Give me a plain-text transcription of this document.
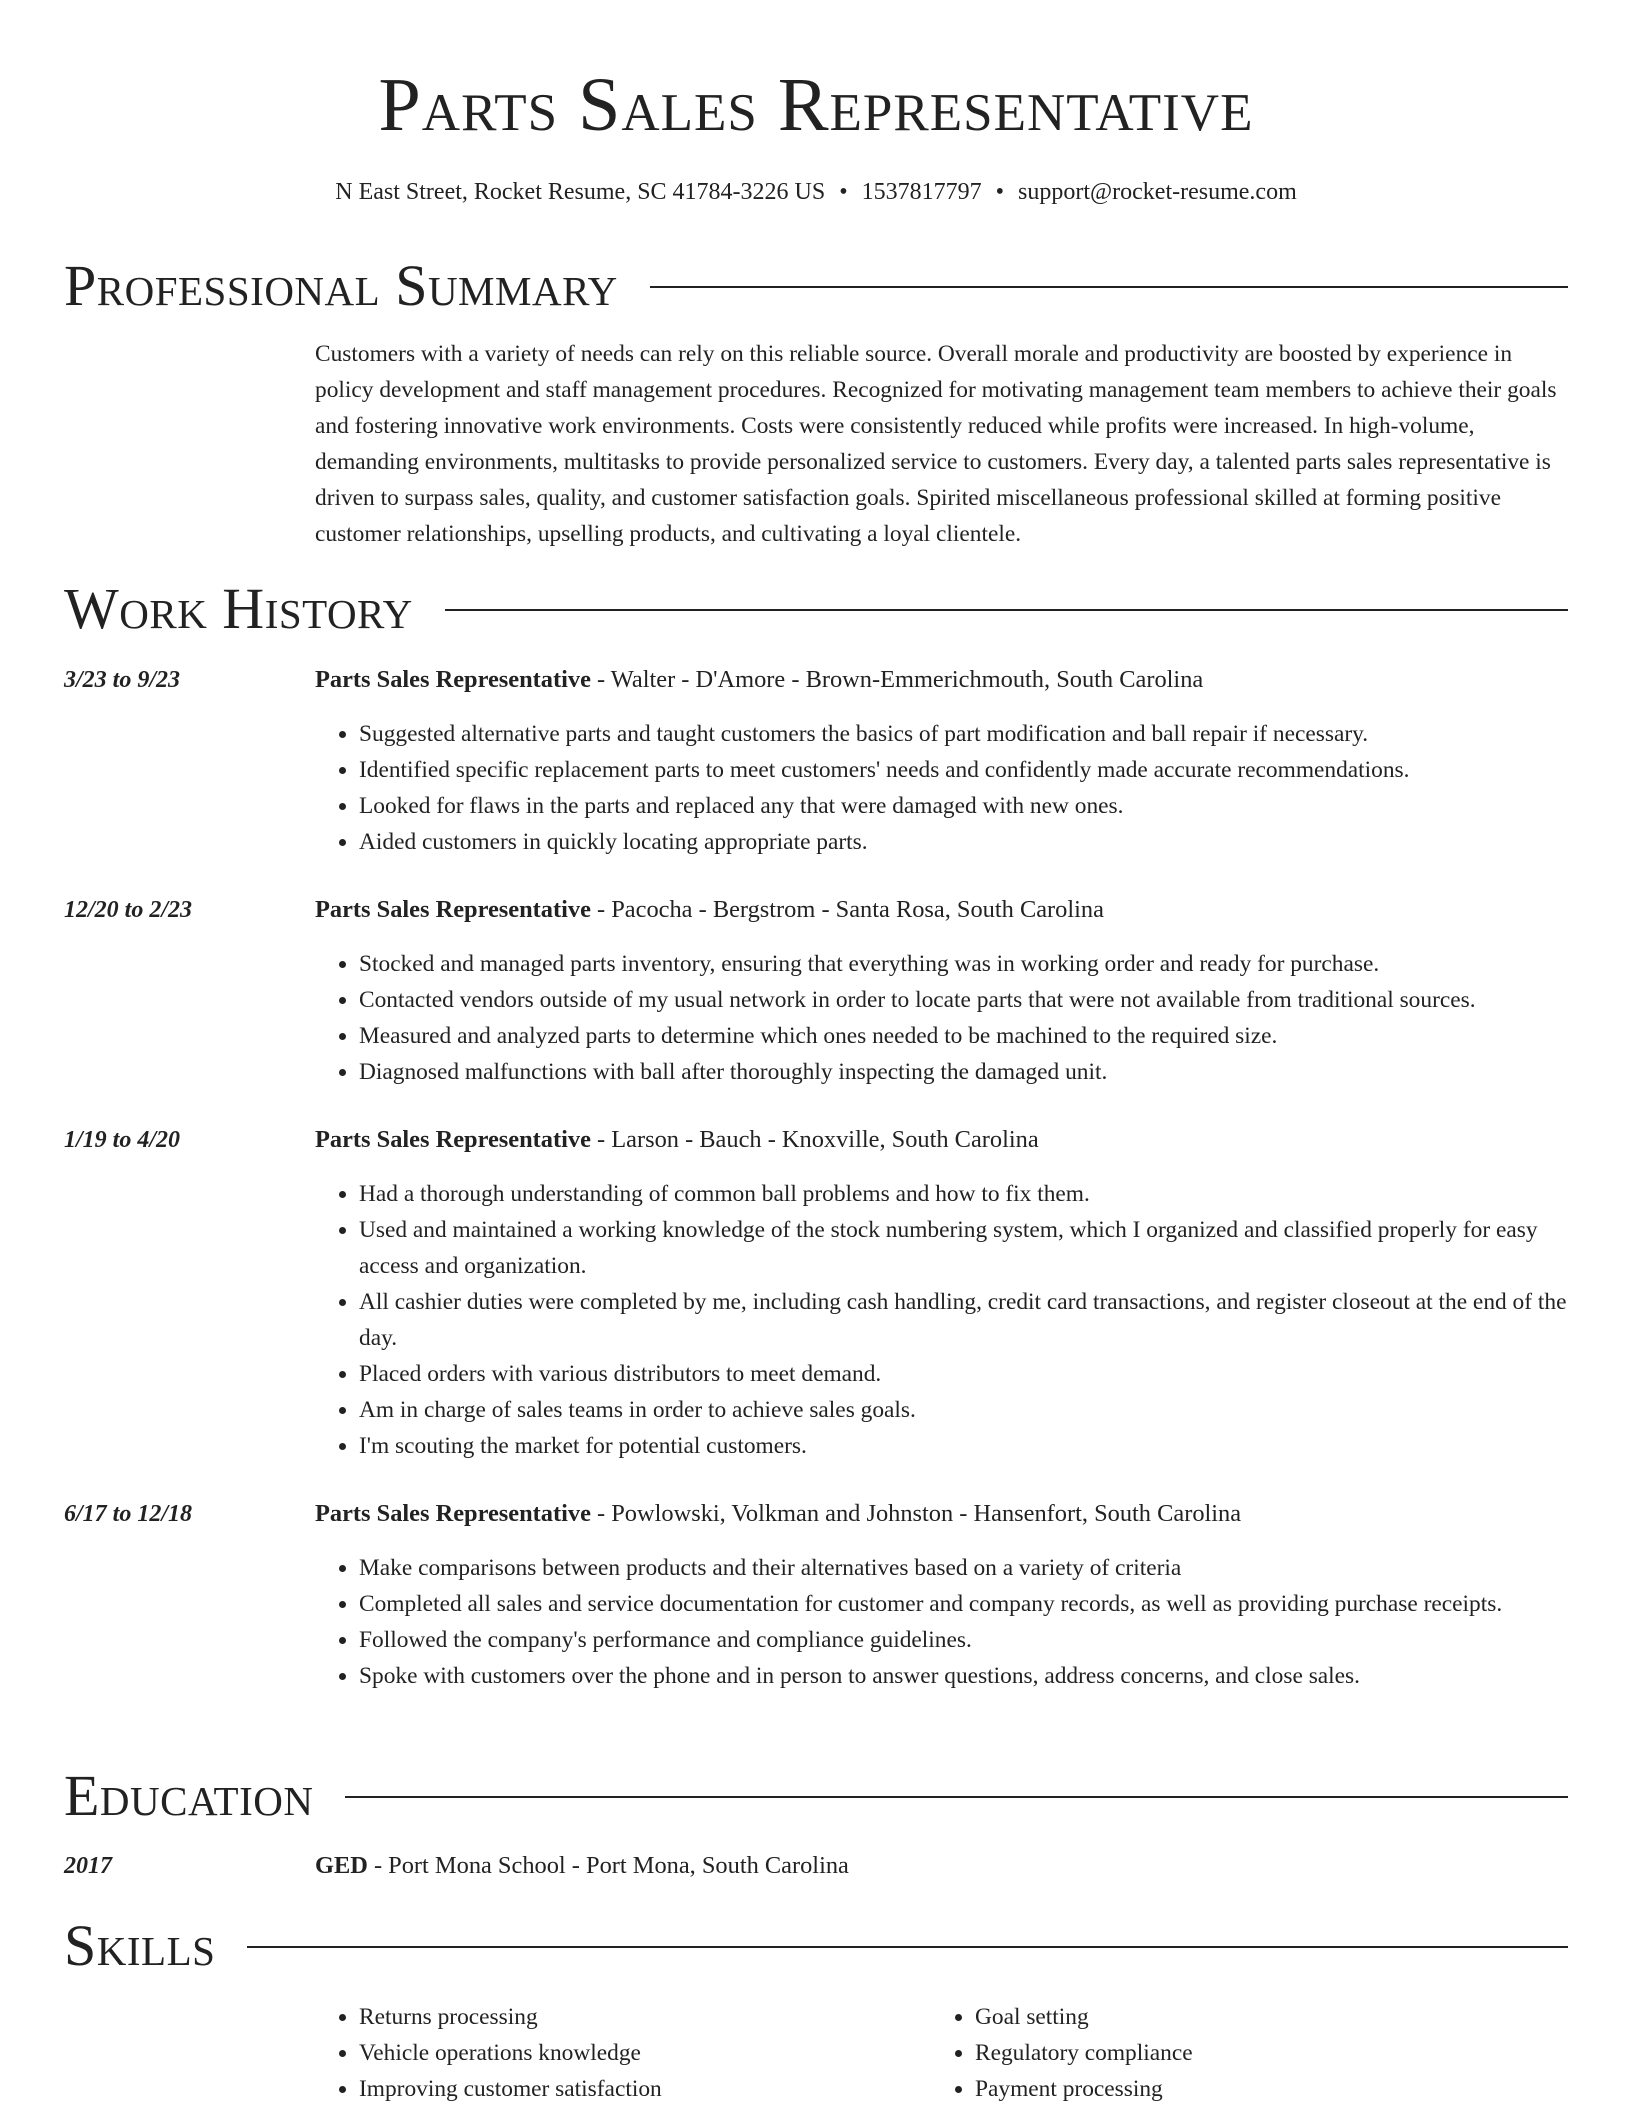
Parts Sales Representative
N East Street, Rocket Resume, SC 41784-3226 US • 1537817797 • support@rocket-resume.com
Professional Summary

Customers with a variety of needs can rely on this reliable source. Overall morale and productivity are boosted by experience in policy development and staff management procedures. Recognized for motivating management team members to achieve their goals and fostering innovative work environments. Costs were consistently reduced while profits were increased. In high-volume, demanding environments, multitasks to provide personalized service to customers. Every day, a talented parts sales representative is driven to surpass sales, quality, and customer satisfaction goals. Spirited miscellaneous professional skilled at forming positive customer relationships, upselling products, and cultivating a loyal clientele.

Work History
3/23 to 9/23	Parts Sales Representative - Walter - D'Amore - Brown-Emmerichmouth, South Carolina
• Suggested alternative parts and taught customers the basics of part modification and ball repair if necessary.
• Identified specific replacement parts to meet customers' needs and confidently made accurate recommendations.
• Looked for flaws in the parts and replaced any that were damaged with new ones.
• Aided customers in quickly locating appropriate parts.
12/20 to 2/23	Parts Sales Representative - Pacocha - Bergstrom - Santa Rosa, South Carolina
• Stocked and managed parts inventory, ensuring that everything was in working order and ready for purchase.
• Contacted vendors outside of my usual network in order to locate parts that were not available from traditional sources.
• Measured and analyzed parts to determine which ones needed to be machined to the required size.
• Diagnosed malfunctions with ball after thoroughly inspecting the damaged unit.
1/19 to 4/20	Parts Sales Representative - Larson - Bauch - Knoxville, South Carolina
• Had a thorough understanding of common ball problems and how to fix them.
• Used and maintained a working knowledge of the stock numbering system, which I organized and classified properly for easy access and organization.
• All cashier duties were completed by me, including cash handling, credit card transactions, and register closeout at the end of the day.
• Placed orders with various distributors to meet demand.
• Am in charge of sales teams in order to achieve sales goals.
• I'm scouting the market for potential customers.
6/17 to 12/18	Parts Sales Representative - Powlowski, Volkman and Johnston - Hansenfort, South Carolina
• Make comparisons between products and their alternatives based on a variety of criteria
• Completed all sales and service documentation for customer and company records, as well as providing purchase receipts.
• Followed the company's performance and compliance guidelines.
• Spoke with customers over the phone and in person to answer questions, address concerns, and close sales.
Education
2017	GED - Port Mona School - Port Mona, South Carolina
Skills
• Returns processing
• Vehicle operations knowledge
• Improving customer satisfaction
• Goal setting
• Regulatory compliance
• Payment processing
